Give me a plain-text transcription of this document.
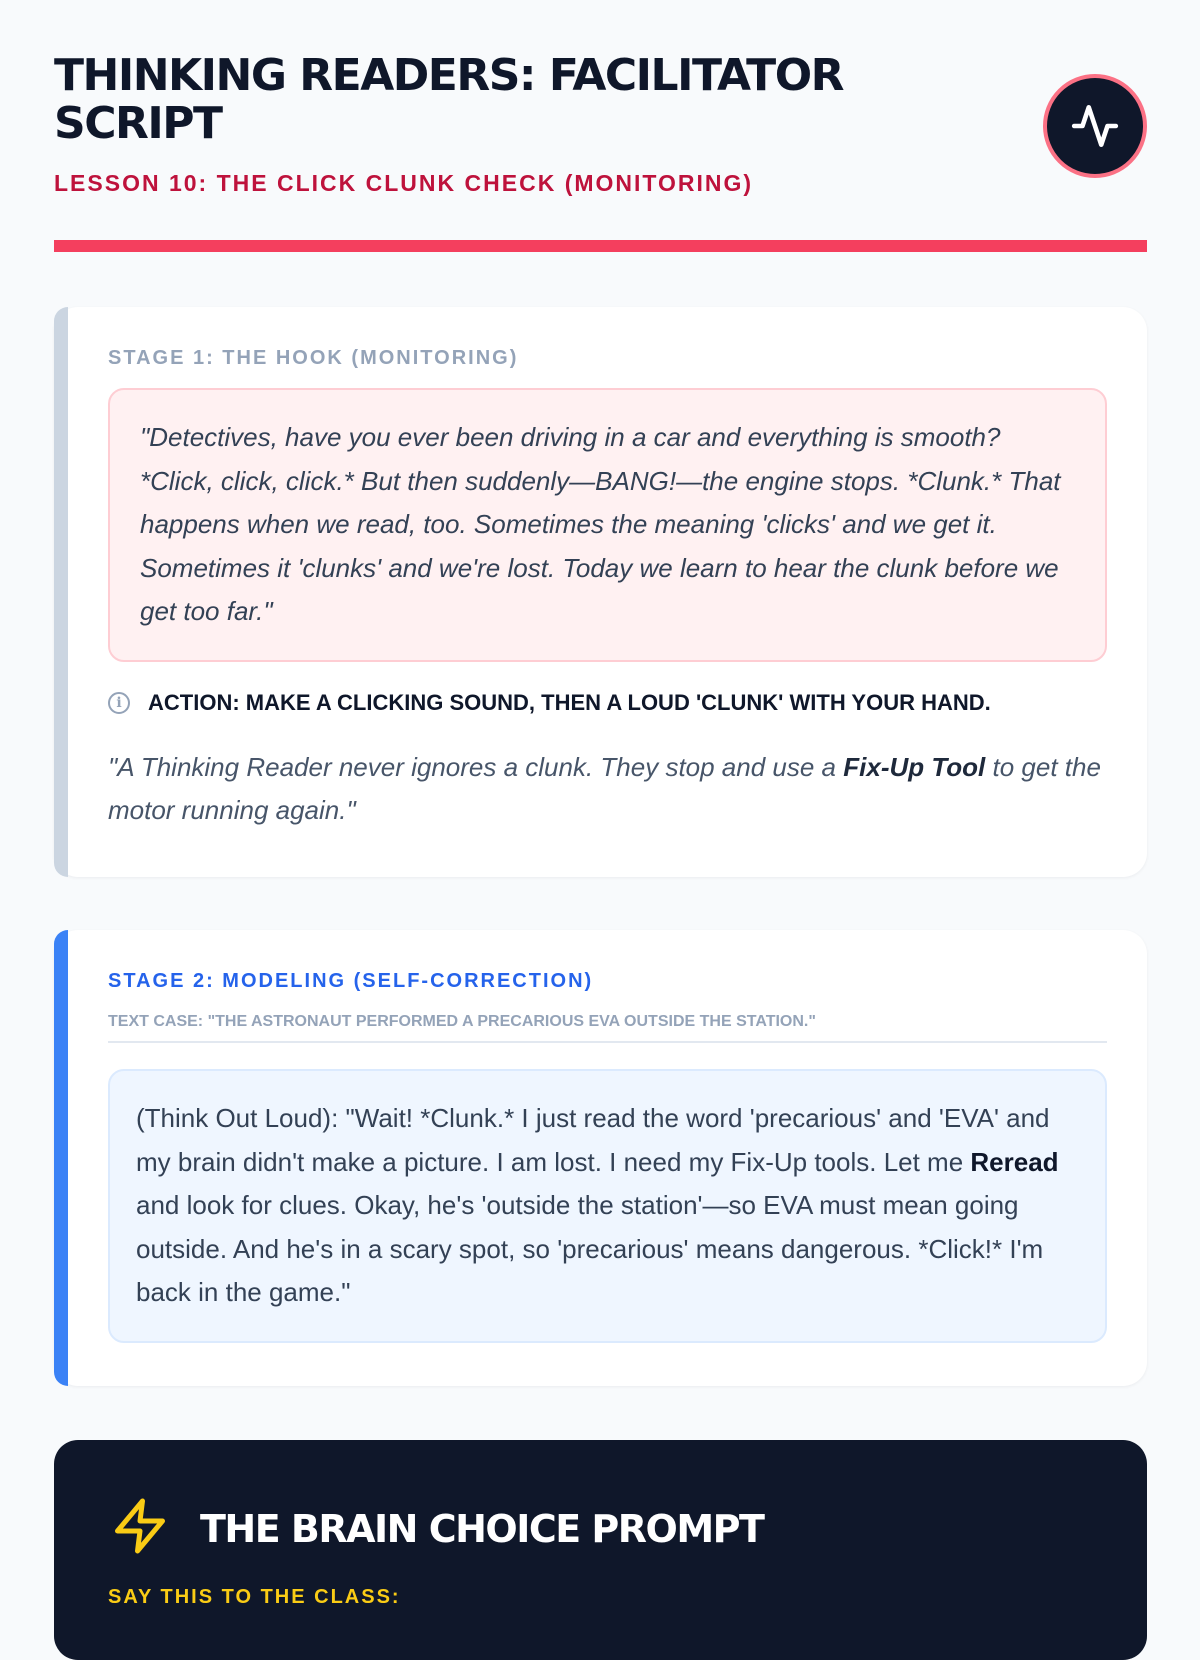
THINKING READERS: FACILITATOR SCRIPT
LESSON 10: THE CLICK CLUNK CHECK (MONITORING)
STAGE 1: THE HOOK (MONITORING)
"Detectives, have you ever been driving in a car and everything is smooth? *Click, click, click.* But then suddenly—BANG!—the engine stops. *Clunk.* That happens when we read, too. Sometimes the meaning 'clicks' and we get it. Sometimes it 'clunks' and we're lost. Today we learn to hear the clunk before we get too far."
i	ACTION: MAKE A CLICKING SOUND, THEN A LOUD 'CLUNK' WITH YOUR HAND.
"A Thinking Reader never ignores a clunk. They stop and use a Fix-Up Tool to get the motor running again."
STAGE 2: MODELING (SELF-CORRECTION)
TEXT CASE: "THE ASTRONAUT PERFORMED A PRECARIOUS EVA OUTSIDE THE STATION."
(Think Out Loud): "Wait! *Clunk.* I just read the word 'precarious' and 'EVA' and my brain didn't make a picture. I am lost. I need my Fix-Up tools. Let me Reread and look for clues. Okay, he's 'outside the station'—so EVA must mean going outside. And he's in a scary spot, so 'precarious' means dangerous. *Click!* I'm back in the game."
THE BRAIN CHOICE PROMPT
SAY THIS TO THE CLASS:
